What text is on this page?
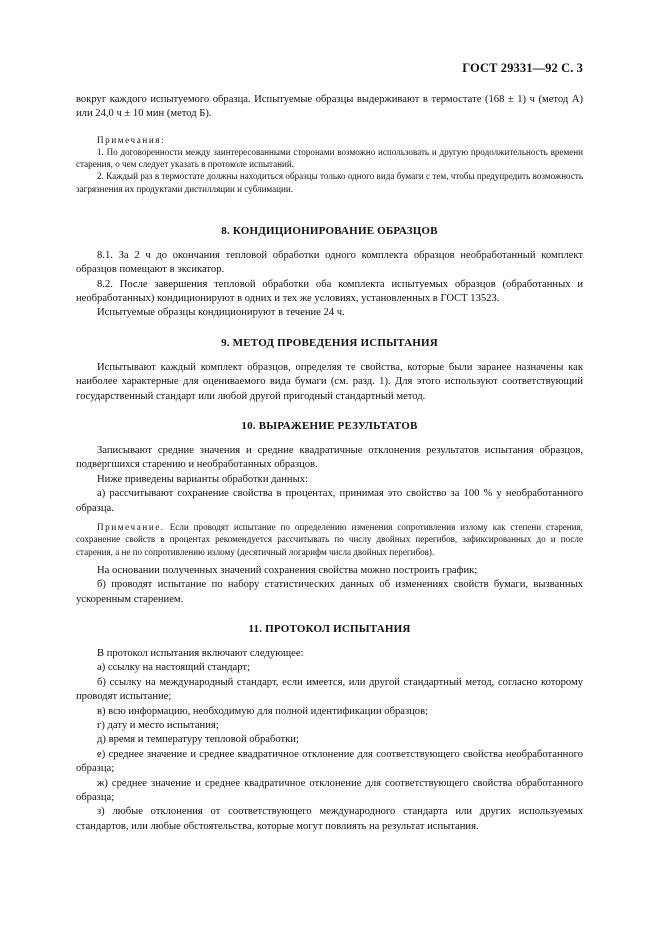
ГОСТ 29331—92 С. 3

вокруг каждого испытуемого образца. Испытуемые образцы выдерживают в термостате (168 ± 1) ч (метод А) или 24,0 ч ± 10 мин (метод Б).

Примечания:

1. По договоренности между заинтересованными сторонами возможно использовать и другую продолжительность времени старения, о чем следует указать в протоколе испытаний.

2. Каждый раз в термостате должны находиться образцы только одного вида бумаги с тем, чтобы предупредить возможность загрязнения их продуктами дистилляции и сублимации.

8. КОНДИЦИОНИРОВАНИЕ ОБРАЗЦОВ

8.1. За 2 ч до окончания тепловой обработки одного комплекта образцов необработанный комплект образцов помещают в эксикатор.

8.2. После завершения тепловой обработки оба комплекта испытуемых образцов (обработанных и необработанных) кондиционируют в одних и тех же условиях, установленных в ГОСТ 13523.

Испытуемые образцы кондиционируют в течение 24 ч.

9. МЕТОД ПРОВЕДЕНИЯ ИСПЫТАНИЯ

Испытывают каждый комплект образцов, определяя те свойства, которые были заранее назначены как наиболее характерные для оцениваемого вида бумаги (см. разд. 1). Для этого используют соответствующий государственный стандарт или любой другой пригодный стандартный метод.

10. ВЫРАЖЕНИЕ РЕЗУЛЬТАТОВ

Записывают средние значения и средние квадратичные отклонения результатов испытания образцов, подвергшихся старению и необработанных образцов.

Ниже приведены варианты обработки данных:

а) рассчитывают сохранение свойства в процентах, принимая это свойство за 100 % у необработанного образца.

Примечание. Если проводят испытание по определению изменения сопротивления излому как степени старения, сохранение свойств в процентах рекомендуется рассчитывать по числу двойных перегибов, зафиксированных до и после старения, а не по сопротивлению излому (десятичный логарифм числа двойных перегибов).

На основании полученных значений сохранения свойства можно построить график;

б) проводят испытание по набору статистических данных об изменениях свойств бумаги, вызванных ускоренным старением.

11. ПРОТОКОЛ ИСПЫТАНИЯ

В протокол испытания включают следующее:

а) ссылку на настоящий стандарт;

б) ссылку на международный стандарт, если имеется, или другой стандартный метод, согласно которому проводят испытание;

в) всю информацию, необходимую для полной идентификации образцов;

г) дату и место испытания;

д) время и температуру тепловой обработки;

е) среднее значение и среднее квадратичное отклонение для соответствующего свойства необработанного образца;

ж) среднее значение и среднее квадратичное отклонение для соответствующего свойства обработанного образца;

з) любые отклонения от соответствующего международного стандарта или других используемых стандартов, или любые обстоятельства, которые могут повлиять на результат испытания.
